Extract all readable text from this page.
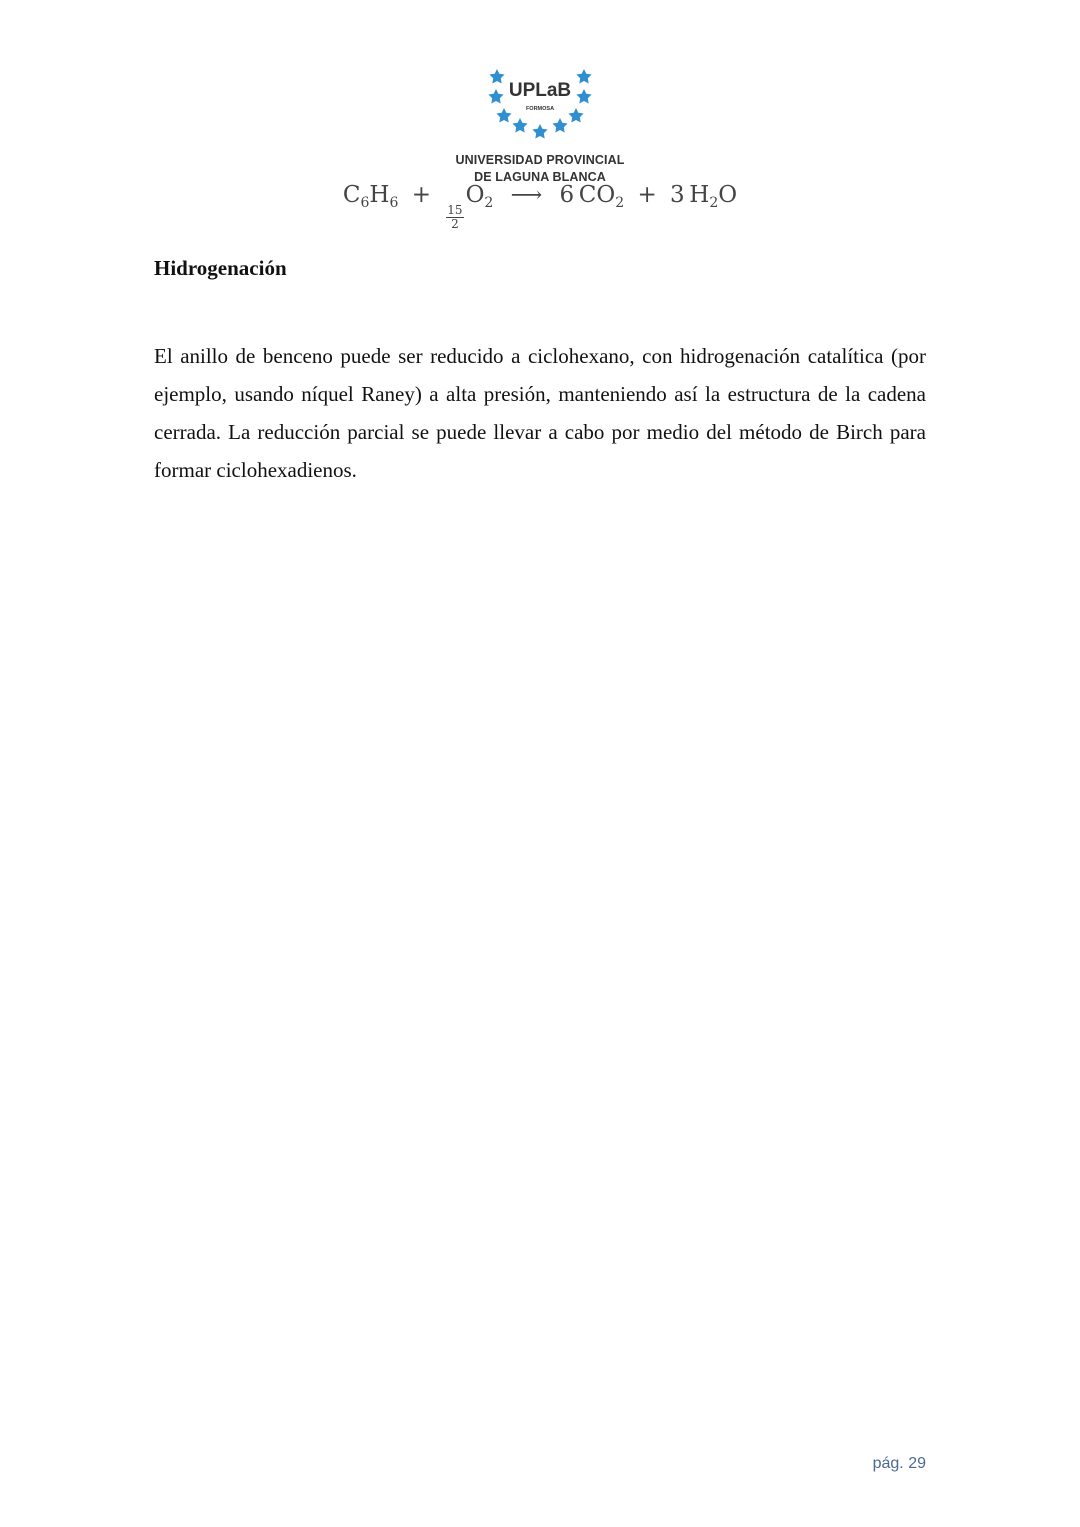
UPLaB
FORMOSA
UNIVERSIDAD PROVINCIAL
DE LAGUNA BLANCA
$C_6H_6$ +
$\frac{15}{2}$
$O_2$ ⟶ 6  $CO_2 + 3$  $H_2O$
Hidrogenación

El anillo de benceno puede ser reducido a ciclohexano, con hidrogenación catalítica (por ejemplo, usando níquel Raney) a alta presión, manteniendo así la estructura de la cadena cerrada. La reducción parcial se puede llevar a cabo por medio del método de Birch para formar ciclohexadienos.

pág. 29
